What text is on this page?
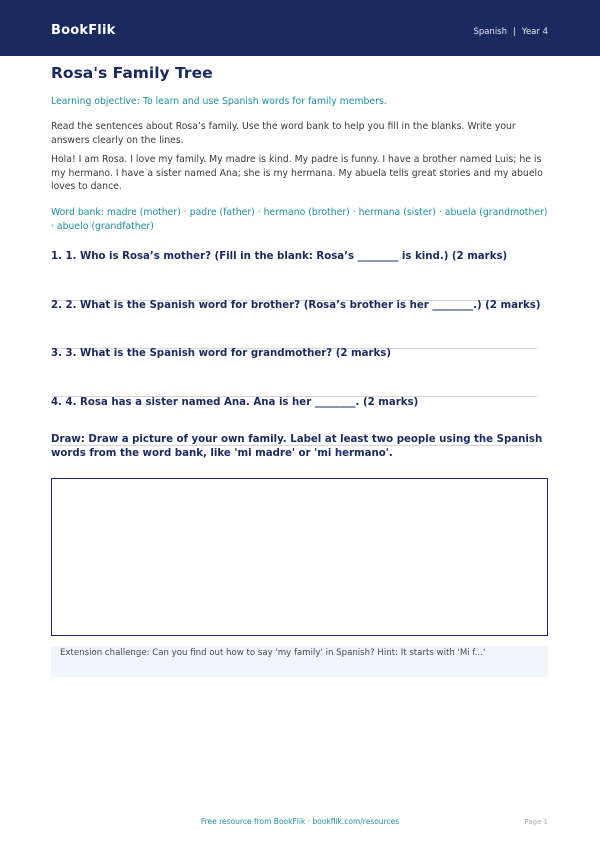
BookFlik	Spanish | Year 4
Rosa's Family Tree
Learning objective: To learn and use Spanish words for family members.
Read the sentences about Rosa’s family. Use the word bank to help you fill in the blanks. Write your answers clearly on the lines.
Hola! I am Rosa. I love my family. My madre is kind. My padre is funny. I have a brother named Luis; he is my hermano. I have a sister named Ana; she is my hermana. My abuela tells great stories and my abuelo loves to dance.
Word bank: madre (mother) · padre (father) · hermano (brother) · hermana (sister) · abuela (grandmother) · abuelo (grandfather)
1. 1. Who is Rosa’s mother? (Fill in the blank: Rosa’s ________ is kind.) (2 marks)
2. 2. What is the Spanish word for brother? (Rosa’s brother is her ________.) (2 marks)
3. 3. What is the Spanish word for grandmother? (2 marks)
4. 4. Rosa has a sister named Ana. Ana is her ________. (2 marks)
Draw: Draw a picture of your own family. Label at least two people using the Spanish words from the word bank, like 'mi madre' or 'mi hermano'.
Extension challenge: Can you find out how to say 'my family' in Spanish? Hint: It starts with 'Mi f...'
Free resource from BookFlik · bookflik.com/resources	Page 1
